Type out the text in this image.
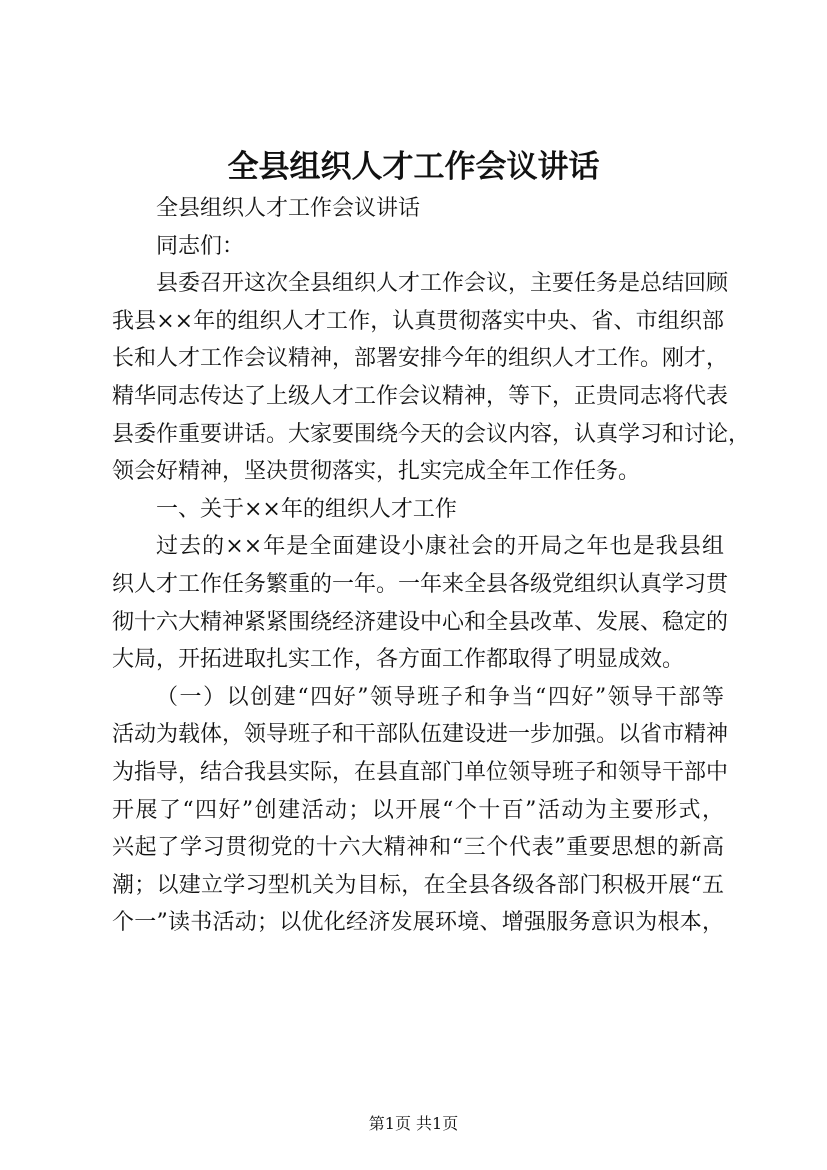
全县组织人才工作会议讲话
全县组织人才工作会议讲话
同志们：
县委召开这次全县组织人才工作会议，主要任务是总结回顾
我县××年的组织人才工作，认真贯彻落实中央、省、市组织部
长和人才工作会议精神，部署安排今年的组织人才工作。刚才，
精华同志传达了上级人才工作会议精神，等下，正贵同志将代表
县委作重要讲话。大家要围绕今天的会议内容，认真学习和讨论，
领会好精神，坚决贯彻落实，扎实完成全年工作任务。
一、关于××年的组织人才工作
过去的××年是全面建设小康社会的开局之年也是我县组
织人才工作任务繁重的一年。一年来全县各级党组织认真学习贯
彻十六大精神紧紧围绕经济建设中心和全县改革、发展、稳定的
大局，开拓进取扎实工作，各方面工作都取得了明显成效。
（一）以创建“四好”领导班子和争当“四好”领导干部等
活动为载体，领导班子和干部队伍建设进一步加强。以省市精神
为指导，结合我县实际，在县直部门单位领导班子和领导干部中
开展了“四好”创建活动；以开展“个十百”活动为主要形式，
兴起了学习贯彻党的十六大精神和“三个代表”重要思想的新高
潮；以建立学习型机关为目标，在全县各级各部门积极开展“五
个一”读书活动；以优化经济发展环境、增强服务意识为根本，
第1页 共1页
